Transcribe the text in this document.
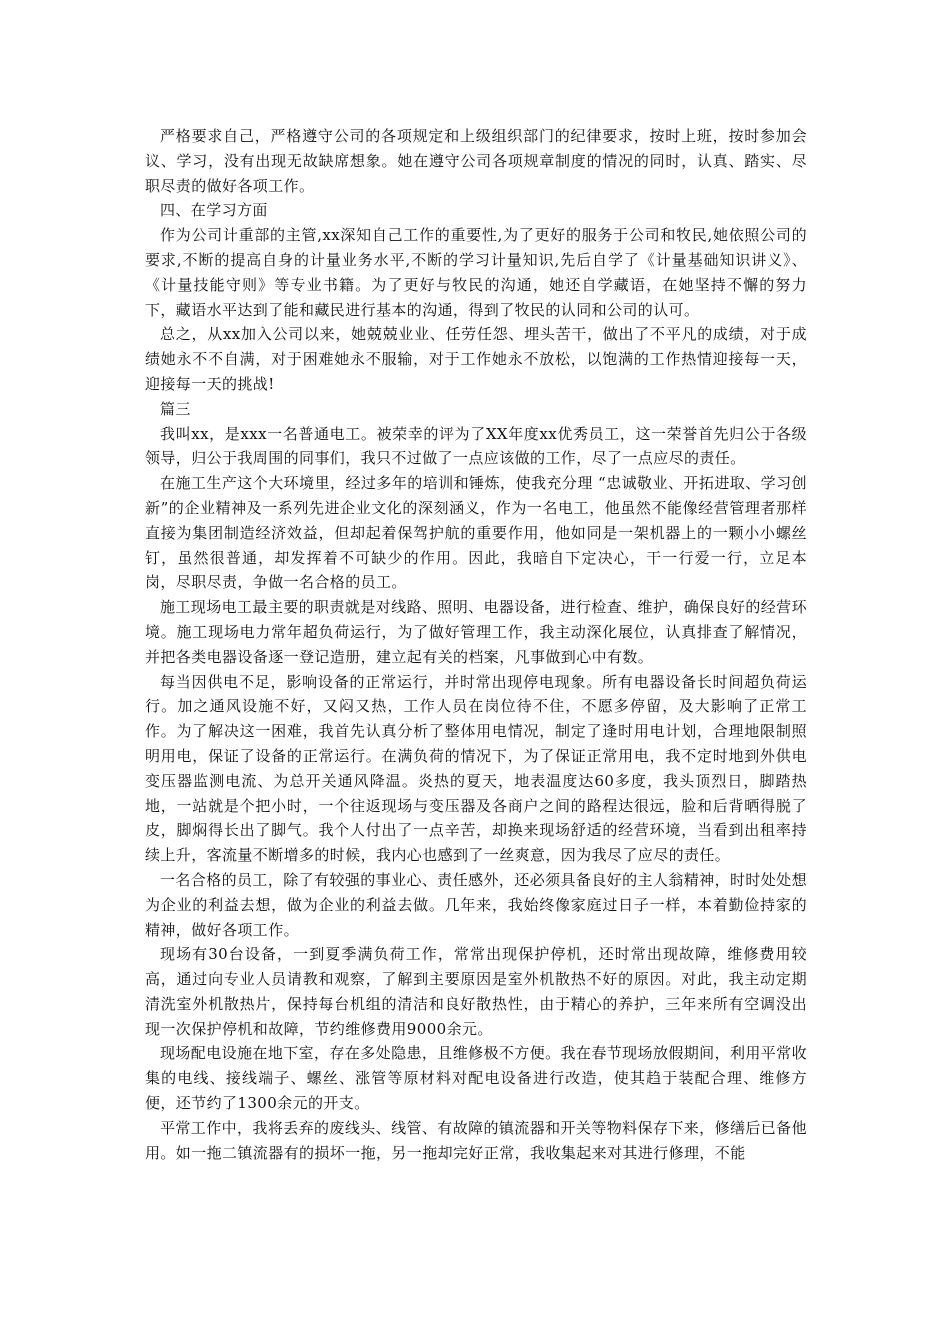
严格要求自己，严格遵守公司的各项规定和上级组织部门的纪律要求，按时上班，按时参加会议、学习，没有出现无故缺席想象。她在遵守公司各项规章制度的情况的同时，认真、踏实、尽职尽责的做好各项工作。

四、在学习方面

作为公司计重部的主管,xx深知自己工作的重要性,为了更好的服务于公司和牧民,她依照公司的要求,不断的提高自身的计量业务水平,不断的学习计量知识,先后自学了《计量基础知识讲义》、《计量技能守则》等专业书籍。为了更好与牧民的沟通，她还自学藏语，在她坚持不懈的努力下，藏语水平达到了能和藏民进行基本的沟通，得到了牧民的认同和公司的认可。

总之，从xx加入公司以来，她兢兢业业、任劳任怨、埋头苦干，做出了不平凡的成绩，对于成绩她永不不自满，对于困难她永不服输，对于工作她永不放松，以饱满的工作热情迎接每一天，迎接每一天的挑战!

篇三

我叫xx，是xxx一名普通电工。被荣幸的评为了XX年度xx优秀员工，这一荣誉首先归公于各级领导，归公于我周围的同事们，我只不过做了一点应该做的工作，尽了一点应尽的责任。

在施工生产这个大环境里，经过多年的培训和锤炼，使我充分理 “忠诚敬业、开拓进取、学习创新”的企业精神及一系列先进企业文化的深刻涵义，作为一名电工，他虽然不能像经营管理者那样直接为集团制造经济效益，但却起着保驾护航的重要作用，他如同是一架机器上的一颗小小螺丝钉，虽然很普通，却发挥着不可缺少的作用。因此，我暗自下定决心，干一行爱一行，立足本岗，尽职尽责，争做一名合格的员工。

施工现场电工最主要的职责就是对线路、照明、电器设备，进行检查、维护，确保良好的经营环境。施工现场电力常年超负荷运行，为了做好管理工作，我主动深化展位，认真排查了解情况，并把各类电器设备逐一登记造册，建立起有关的档案，凡事做到心中有数。

每当因供电不足，影响设备的正常运行，并时常出现停电现象。所有电器设备长时间超负荷运行。加之通风设施不好，又闷又热，工作人员在岗位待不住，不愿多停留，及大影响了正常工作。为了解决这一困难，我首先认真分析了整体用电情况，制定了逢时用电计划，合理地限制照明用电，保证了设备的正常运行。在满负荷的情况下，为了保证正常用电，我不定时地到外供电变压器监测电流、为总开关通风降温。炎热的夏天，地表温度达60多度，我头顶烈日，脚踏热地，一站就是个把小时，一个往返现场与变压器及各商户之间的路程达很远，脸和后背晒得脱了皮，脚焖得长出了脚气。我个人付出了一点辛苦，却换来现场舒适的经营环境，当看到出租率持续上升，客流量不断增多的时候，我内心也感到了一丝爽意，因为我尽了应尽的责任。

一名合格的员工，除了有较强的事业心、责任感外，还必须具备良好的主人翁精神，时时处处想为企业的利益去想，做为企业的利益去做。几年来，我始终像家庭过日子一样，本着勤俭持家的精神，做好各项工作。

现场有30台设备，一到夏季满负荷工作，常常出现保护停机，还时常出现故障，维修费用较高，通过向专业人员请教和观察，了解到主要原因是室外机散热不好的原因。对此，我主动定期清洗室外机散热片，保持每台机组的清洁和良好散热性，由于精心的养护，三年来所有空调没出现一次保护停机和故障，节约维修费用9000余元。

现场配电设施在地下室，存在多处隐患，且维修极不方便。我在春节现场放假期间，利用平常收集的电线、接线端子、螺丝、涨管等原材料对配电设备进行改造，使其趋于装配合理、维修方便，还节约了1300余元的开支。

平常工作中，我将丢弃的废线头、线管、有故障的镇流器和开关等物料保存下来，修缮后已备他用。如一拖二镇流器有的损坏一拖，另一拖却完好正常，我收集起来对其进行修理，不能
